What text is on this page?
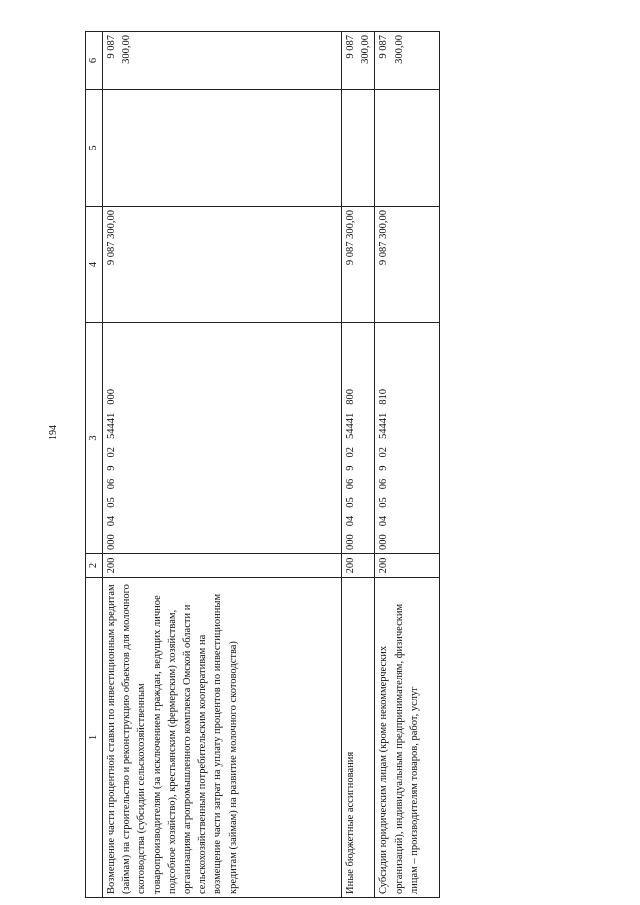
194
1	2	3	4	5	6
Возмещение части процентной ставки по инвестиционным кредитам (займам) на строительство и реконструкцию объектов для молочного скотоводства (субсидии сельскохозяйственным товаропроизводителям (за исключением граждан, ведущих личное подсобное хозяйство), крестьянским (фермерским) хозяйствам, организациям агропромышленного комплекса Омской области и сельскохозяйственным потребительским кооперативам на возмещение части затрат на уплату процентов по инвестиционным кредитам (займам) на развитие молочного скотоводства)	200	00004050690254441000	9 087 300,00		9 087 300,00
Иные бюджетные ассигнования	200	00004050690254441800	9 087 300,00		9 087 300,00
Субсидии юридическим лицам (кроме некоммерческих организаций), индивидуальным предпринимателям, физическим лицам – производителям товаров, работ, услуг	200	00004050690254441810	9 087 300,00		9 087 300,00
